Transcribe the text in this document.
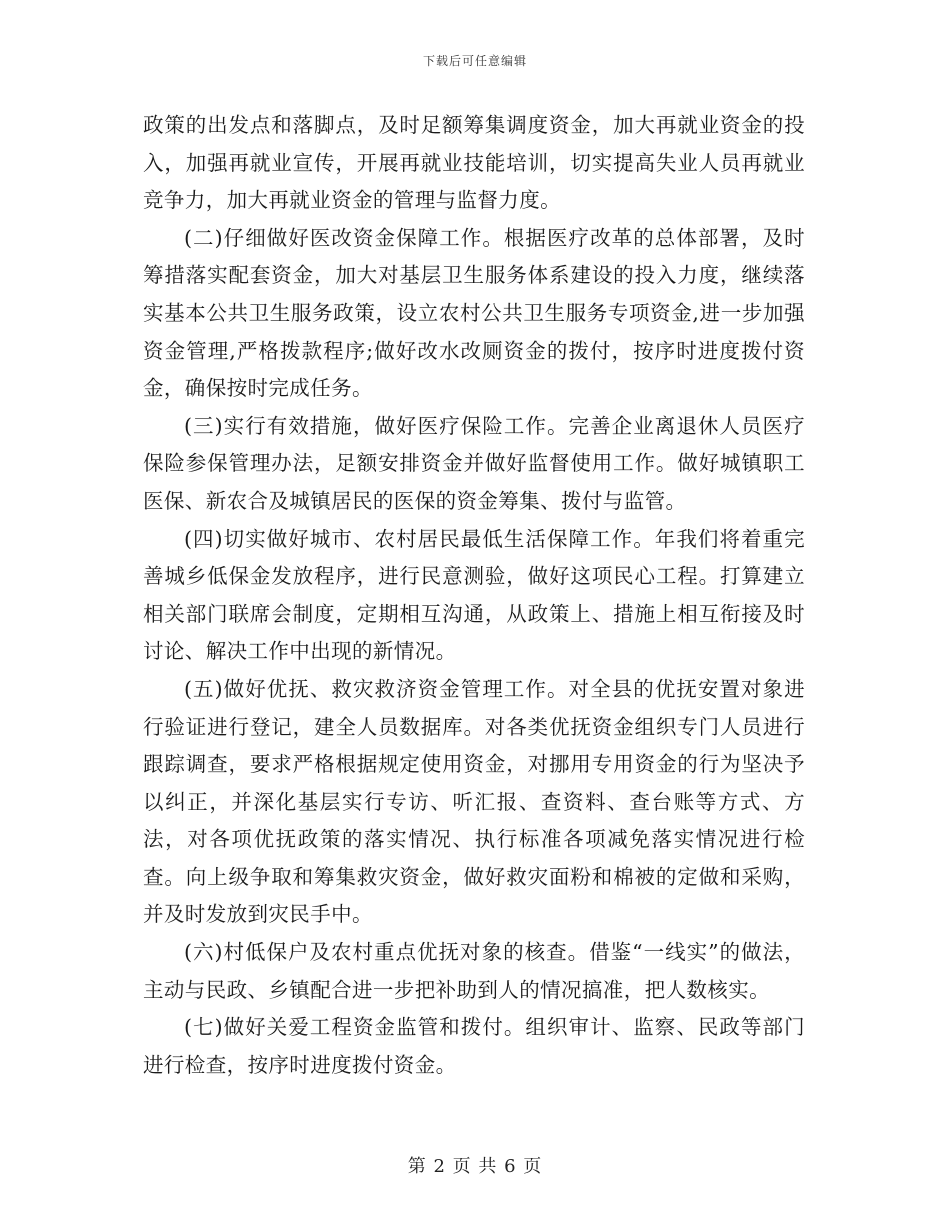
下载后可任意编辑

政策的出发点和落脚点，及时足额筹集调度资金，加大再就业资金的投入，加强再就业宣传，开展再就业技能培训，切实提高失业人员再就业竞争力，加大再就业资金的管理与监督力度。

(二)仔细做好医改资金保障工作。根据医疗改革的总体部署，及时筹措落实配套资金，加大对基层卫生服务体系建设的投入力度，继续落实基本公共卫生服务政策，设立农村公共卫生服务专项资金,进一步加强资金管理,严格拨款程序;做好改水改厕资金的拨付，按序时进度拨付资金，确保按时完成任务。

(三)实行有效措施，做好医疗保险工作。完善企业离退休人员医疗保险参保管理办法，足额安排资金并做好监督使用工作。做好城镇职工医保、新农合及城镇居民的医保的资金筹集、拨付与监管。

(四)切实做好城市、农村居民最低生活保障工作。年我们将着重完善城乡低保金发放程序，进行民意测验，做好这项民心工程。打算建立相关部门联席会制度，定期相互沟通，从政策上、措施上相互衔接及时讨论、解决工作中出现的新情况。

(五)做好优抚、救灾救济资金管理工作。对全县的优抚安置对象进行验证进行登记，建全人员数据库。对各类优抚资金组织专门人员进行跟踪调查，要求严格根据规定使用资金，对挪用专用资金的行为坚决予以纠正，并深化基层实行专访、听汇报、查资料、查台账等方式、方法，对各项优抚政策的落实情况、执行标准各项减免落实情况进行检查。向上级争取和筹集救灾资金，做好救灾面粉和棉被的定做和采购，并及时发放到灾民手中。

(六)村低保户及农村重点优抚对象的核查。借鉴“一线实”的做法，主动与民政、乡镇配合进一步把补助到人的情况搞准，把人数核实。

(七)做好关爱工程资金监管和拨付。组织审计、监察、民政等部门进行检查，按序时进度拨付资金。

第 2 页 共 6 页
